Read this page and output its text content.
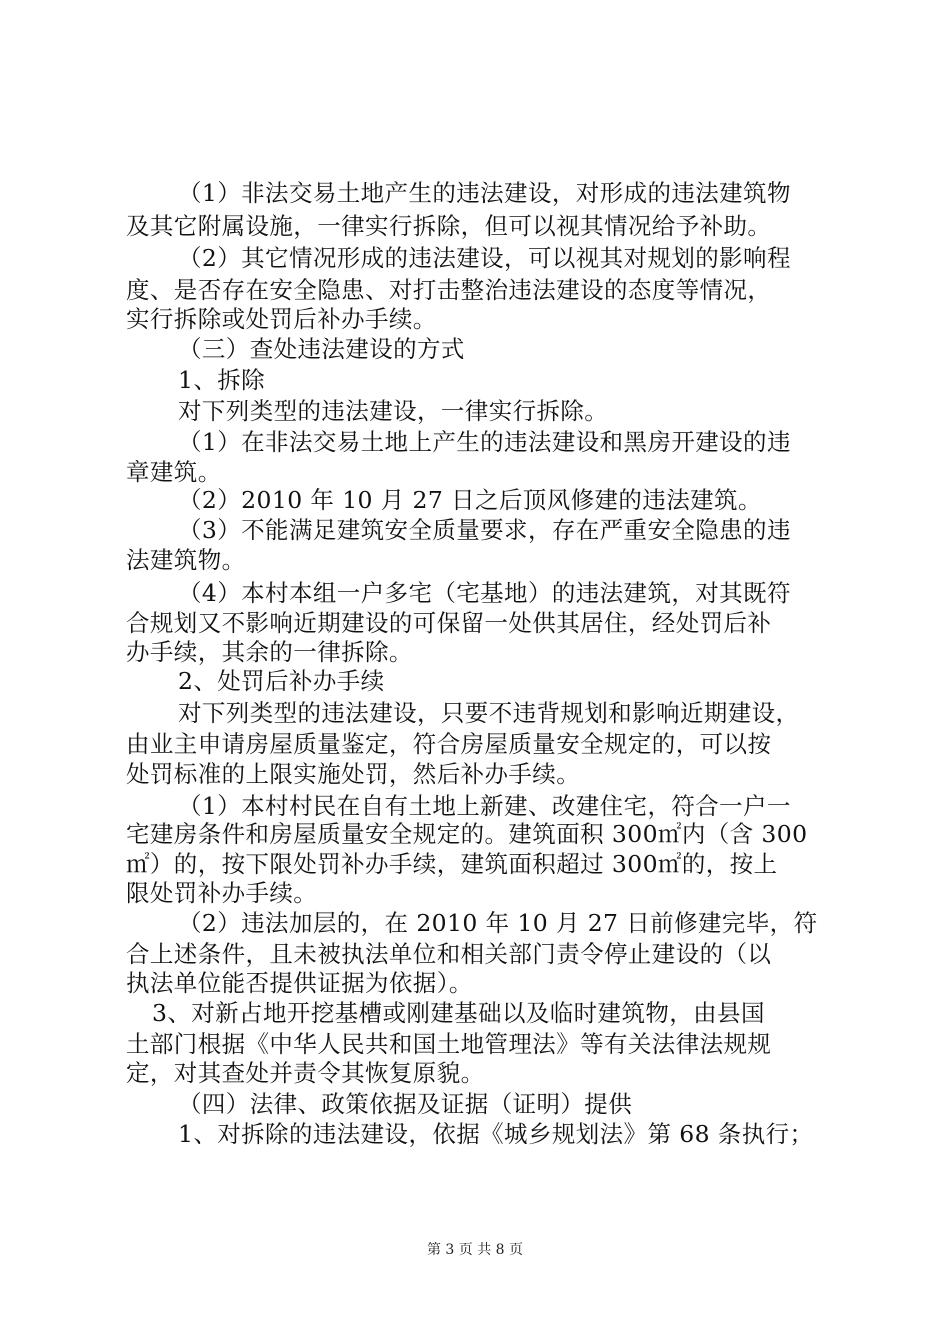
（1）非法交易土地产生的违法建设，对形成的违法建筑物
及其它附属设施，一律实行拆除，但可以视其情况给予补助。
（2）其它情况形成的违法建设，可以视其对规划的影响程
度、是否存在安全隐患、对打击整治违法建设的态度等情况，
实行拆除或处罚后补办手续。
（三）查处违法建设的方式
1、拆除
对下列类型的违法建设，一律实行拆除。
（1）在非法交易土地上产生的违法建设和黑房开建设的违
章建筑。
（2）2010 年 10 月 27 日之后顶风修建的违法建筑。
（3）不能满足建筑安全质量要求，存在严重安全隐患的违
法建筑物。
（4）本村本组一户多宅（宅基地）的违法建筑，对其既符
合规划又不影响近期建设的可保留一处供其居住，经处罚后补
办手续，其余的一律拆除。
2、处罚后补办手续
对下列类型的违法建设，只要不违背规划和影响近期建设，
由业主申请房屋质量鉴定，符合房屋质量安全规定的，可以按
处罚标准的上限实施处罚，然后补办手续。
（1）本村村民在自有土地上新建、改建住宅，符合一户一
宅建房条件和房屋质量安全规定的。建筑面积 300㎡内（含 300
㎡）的，按下限处罚补办手续，建筑面积超过 300㎡的，按上
限处罚补办手续。
（2）违法加层的，在 2010 年 10 月 27 日前修建完毕，符
合上述条件，且未被执法单位和相关部门责令停止建设的（以
执法单位能否提供证据为依据）。
3、对新占地开挖基槽或刚建基础以及临时建筑物，由县国
土部门根据《中华人民共和国土地管理法》等有关法律法规规
定，对其查处并责令其恢复原貌。
（四）法律、政策依据及证据（证明）提供
1、对拆除的违法建设，依据《城乡规划法》第 68 条执行；
第 3 页 共 8 页
